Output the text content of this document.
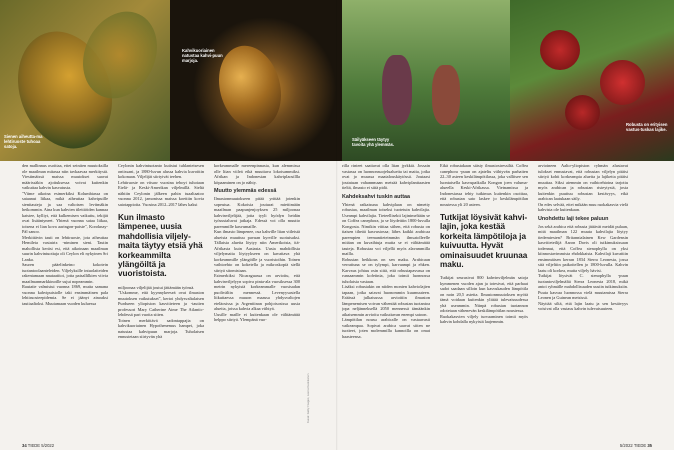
Sienen aiheutta-ma lehtiruoste tuhoaa satoja.
Kahvikuoriainen natustaa kahvi-puun marjoja.
Säilyäkseen täytyy tavoita yhä ylemmäs.
Robusta on erityisen vastus-tuskas lajike.

den mallinnus osoittaa, ettei seiniten muutoksilla ole maailman mitassa niin tavkaavaa merkitystä. Viestimäissä maissa muutokset saavat määrissäkin ajoituksessa voivat kuitenkin vaikuttaa kahvin kasvatusta.

"Viime aikoina esimerkiksi Kolumbiassa on sataanut liikaa, mikä aiheuttaa kahvipuille sienitauteja ja saa valtoisen levitmäkin heikommin. Aina kun kahvien tilettiöiden kannaa katstee, kylliyt, että kulkemisen vaikuttu, tekijät ovat lisääntyneet. Yhtenä vuonna sataa liikaa, toisena ei lian kova aaringon-paiste", Koroknay-Pál sanoo.

Merkittävin tauti on lehtiruoste, jota aiheuttaa Hemileia vastatrix -niminen sieni. Tautin mahollista keräsi esi, että aikoinaan maailman suurin kahvintuottaja oli Ceylon eli nykyinen Sri Lanka.

Sauren pääelinkeino kokotein tuotantoolaanteleiden. Viljelyksille intuolaiteiden rakentamaan nautaatitoi, jotta paisallilkien viivia maailmanmarkkinoille sujui nopeammin.

Rautatie valmistui vuonna 1869, mutta samana vuonna kahvipuistolle taki ensimmäinen pala lehtiruosteepidemia. Se ei jäänyt ainoaksi tautiaaltoksi. Muutamaan vuoden kuluessa

Ceylonin kahvintuotanto kutistui tuhlanteisesen ontissani, ja 1880-luvun alussa kahvia kuvoittin kokonaan. Viljelijät siirtyivät teehen.

Lehtiruoste on vitsaw vuosina teboyt tuhoiaan Etelä- ja Keski-Amerikan viljelmillä. Sieltä nähtiin Ceylonin jälkeen pahin tuaaltaatoo vuonna 2012, jamonissa maissa koettiin kovia satotappioita. Vuosina 2012–2017 lähes kaksi

Kun ilmasto lämpenee, uusia mahdollisia viljely-maita täytyy etsiä yhä korkeammilta ylängöiltä ja vuoristoista.

miljoonaa viljelijää joutui jättämään työnsä.

"Uskomme, että kyynnykeeseä ovat ilmaston muutoksen vaikutukset", kertoi yhdysvaltalaisen Purdueen yliopiston kasvitieteen ja -tautien professori Mary Catherine Aime The Atlantic-lehdessä pari vuotta sitten.

Toinen merkittävä sadontappajia on kahvikuoriainen Hypothenemus hampei, joka natustaa kahvipuun marjoja. Tuholaisen ennustetaan siirtyvän yhä

korkeammalle mereenpinnasta, kun alemmissa olle liian viileä eikä muuttava lokoisammiksi. Afrikan ja Indonesian kahviplaosillla köpaaminen on jo nähty.

Muutto ylemmäs edessä

Ilmastonmuutokseen pitää yrittää jotenkin sopeutua. Kokoisia jouturat miettimään maailman paapunjenjoyksen 25 miljoonaa kahvinviljelijää, jotta tyyli hyödyn heidän työsustaluvat jatkaja. Edessä voi olla muutto paremmille kasvumaille.

Kun ilmasto lämpenee, osa kahville liian viileistä alueista muuttuu pavuan kyrville suotuisaksi. Tällaisia alueita löytyy niin Amerikoista, itä-Afrikasta kuin Aasiasta. Uusia mahdollisia viljelymaita löytyykseen on kavattava yhä korkeammille ylängöille ja vuoristoihin. Toinen vaihtoehto on kokeiella ja mikroskopiä siellä siirtyä sitomistaan.

Esimerkiksi Nicaraguassa on arvioitu, että kahvinviljelyyn sopiva pinta-ala vuosiksessa 300 metrin nykyistä korkeammalle vuosisadan puoliväliin mennessä. Levenyysastella liikuttaessa muuon maassa yhdysvaltojen eteläosissa ja Argentiinan pohjoisosissa uusia alueita, joissa kahvia alkaa viihtyä.

Uusille maille ei kuitenkaan ole välttämättä helppo siirtyä. Ylempänä vuo-

Kuvat: Getty Images, Leena Kuokkanen

rilla rinteet saattavat olla liian jyrkkiä. Jossain vastassa on luonnonsuojelualueita tai maita, jotka ovat jo muussa maatalouskäytössä. Joutaasi joutatuan vahannmaan metsää kahviplanttaasien tieltä, ilmasto ei siitä pidä.

Kahdeksahvi tuskin auttaa

Yhtenä ratkaisuna kahviplaan on nimetty robustaa, maailman toiseksi tuotetuin kahvilajia. Useampi kahvilajia. Tieteellisekti lajinimeltään se on Coffea canephora, ja se löydettiin 1800-luvulla Kongosta. Nimikin viittaa siihen, että robusta on tiaisen tiheää kasvustossa; lähes kaikki arabicaa parempien teemantieteimmän ilmsatolleelle mitäan on kuvaihtuja mutta se ei välttämättä tauteja. Robustaa voi viljellä myös alavammilla mailla.

Robustan heikkous on sen maku. Arabicaan verrattuna se on tylympi, karvaampi ja ehken. Karvaus johtuu osin siitä, että robustapavussa on runsaammin kofeiinia, joka toimii luonnossa tuholaisia vastaan.

Lisäksi robustakin on niiden monien kahviolajien tapaan, jotka satavat huonommin kuumuuteen. Eräässä julkaisussa arvioitiin ilmaston lämpenemisen voivan vähentää robustan tuotantoa jopa neljänneksellä 2050 mennessä tämäänkin aikaisemmin arvioitu vaikuttavan enempi satoon.

Lämpötilan nousu arabicalle on vastaavasti vaikeampaa. Sopivat arabica saavat sitten ne tuotteet, joten molemmilla kannoilla on omat haasteensa.

Eikä robustakaan siästy ilmastostressiltä. Coffea canephora -puun on ajateltu viihtyvän parhaiten 22–30 asteen keskilämpötilassa, joka vallitsee sen luontaisella kasvupaikalla Kongon joen valuma-alueella Keski-Afrikassa. Vietnamissa ja Indonesiassa tehty tutkimus kuitenkin osoittaa, että robustan sato laskee jo keskilämpötilan noustessa yli 20 asteen.

Tutkijat löysivät kahvi-lajin, joka kestää korkeita lämpötiloja ja kuivuutta. Hyvät ominaisuudet kruunaa maku.

Tutkijat seurasivat 800 kahvinviljelmän satoja kymmenen vuoden ajan ja totesivat, että parhaat sadot saadaan silloin kun kasvukauden lämpötila on noin 20,5 astetta. Ilmastonmuutoksen myötä tämä voidaan kuitenkin ylittää tulevaisuudessa yhä useammin. Niinpä robustan tuotannon odotetaan vähenevän keskilämpötilan noustessa.

Ruokakasvien viljely turvaaminen toimii myös kahvin kohdalla nykyistä laajemmin.

arvioineen Aalto-yliopiston ryhmän alustavat tulokset ennustavat, että robustan viljelyn pitäisi siirtyä kohti korkeampia alueita ja lajiketta pitäisi muuttaa. Siksi aiemmin on vaihtoehtoina tarjottu myös arabican ja robustan risteytystä, josta kuitenkin puuttuu robustan kestävyys, eikä arabican laatukaan säily.

On edes selvää, ettei mikään muu ruokakasvia vielä kahvista ole kuitenkaan.

Unohdettu laji tekee paluun

Jos sekä arabica että robusta jättävät meidät pulaan, mitä maailman 122 muuta kahvilajia löytyy tiedemiesten? Britannialainen Kew Gardensin kasvitieteilijä Aaron Davis oli tutkimuksissaan todennut, että Coffea stenophylla on yksi kiinnostavimmista ehdokkaista. Kahvilaji kuvattiin ensimmäisen kerran 1834 Sierra Leonesta, jossa sitä viljeltiin paikoitellen jo 1800-luvulla. Kahvin laatu oli korkea, mutta viljely hävisi.

Tutkijat löysivät C. stenophylla -puun tuotantoviljelmältä Sierra Leonesta 2018, mikä antoi ryhmälle mahdollisuuden uusiin tutkimuksiin. Puuta kasvaa luonnossa vielä muutamissa Sierra Leonen ja Guinean metsissä.

Näyttää siltä, että lajin laatu ja sen kestävyys voisivat olla vastaus kahvin tulevaisuuteen.

34 TIEDE 5/2022	5/2022 TIEDE 35
